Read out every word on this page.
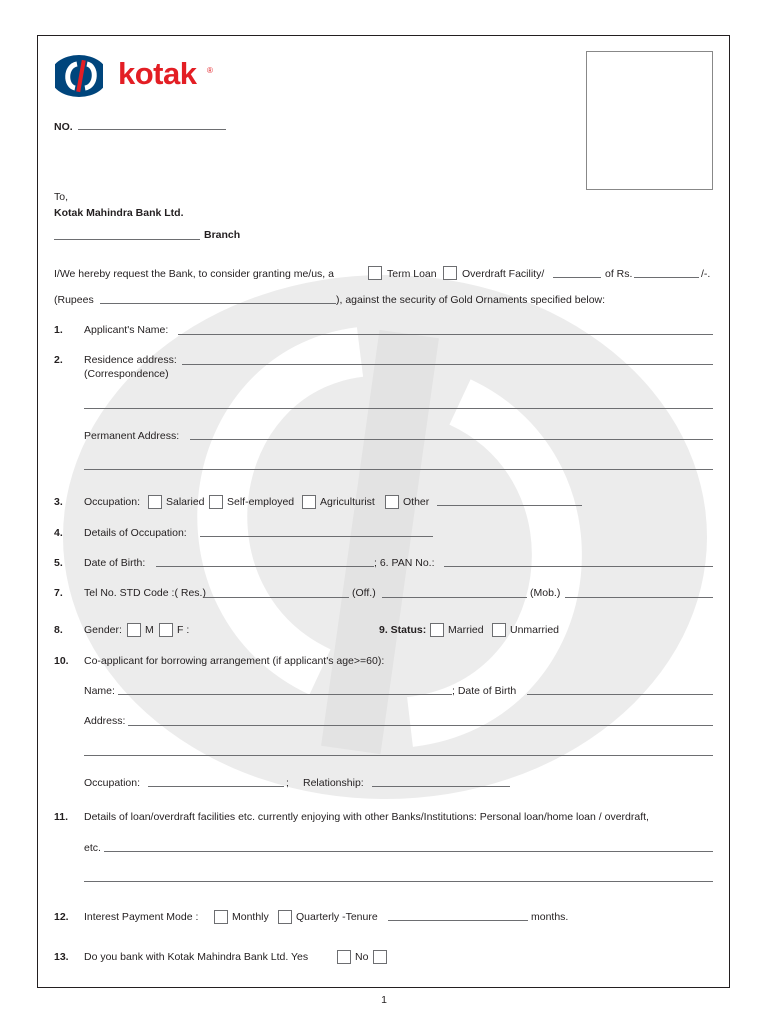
kotak ®
NO.
To,
Kotak Mahindra Bank Ltd.
Branch
I/We hereby request the Bank, to consider granting me/us, a	Term Loan Overdraft Facility/	of Rs.	/-.
(Rupees	), against the security of Gold Ornaments specified below:
1. Applicant's Name:
2. Residence address:
(Correspondence)
Permanent Address:
3. Occupation: Salaried Self-employed Agriculturist	Other
4. Details of Occupation:
5. Date of Birth:	; 6. PAN No.:
7. Tel No. STD Code :( Res.)	(Off.)	(Mob.)
8. Gender: M F :	9. Status: Married	Unmarried
10. Co-applicant for borrowing arrangement (if applicant's age>=60):
Name:	; Date of Birth
Address:
Occupation:	; Relationship:
11. Details of loan/overdraft facilities etc. currently enjoying with other Banks/Institutions: Personal loan/home loan / overdraft,
etc.
12. Interest Payment Mode :	Monthly	Quarterly -Tenure	months.
13. Do you bank with Kotak Mahindra Bank Ltd. Yes	No
1
